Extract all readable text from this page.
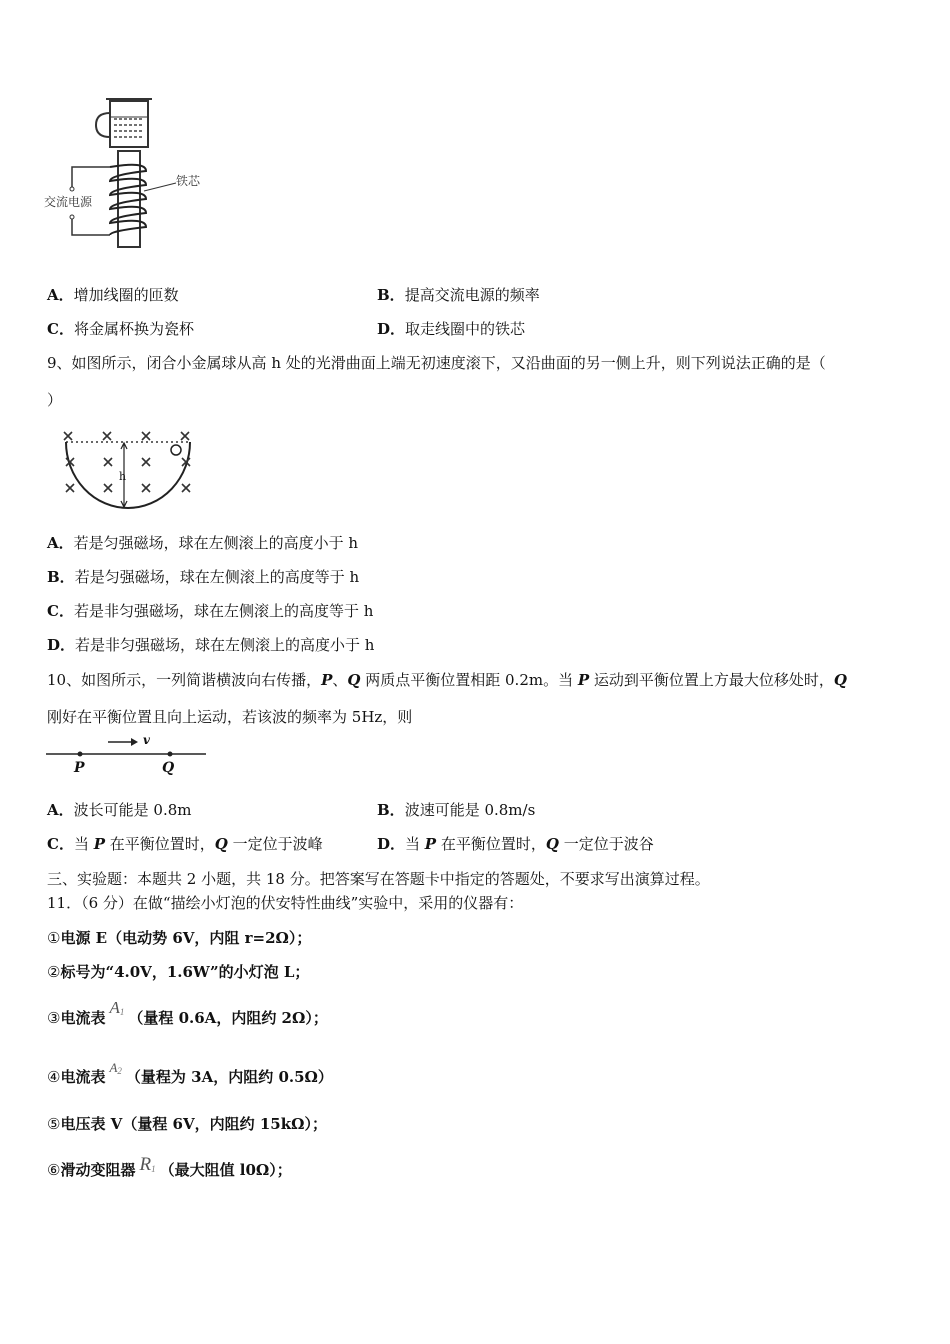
交流电源
铁芯
A．增加线圈的匝数	B．提高交流电源的频率
C．将金属杯换为瓷杯	D．取走线圈中的铁芯
9、如图所示，闭合小金属球从高 h 处的光滑曲面上端无初速度滚下，又沿曲面的另一侧上升，则下列说法正确的是（
）
h
A．若是匀强磁场，球在左侧滚上的高度小于 h
B．若是匀强磁场，球在左侧滚上的高度等于 h
C．若是非匀强磁场，球在左侧滚上的高度等于 h
D．若是非匀强磁场，球在左侧滚上的高度小于 h
10、如图所示，一列简谐横波向右传播，P、Q 两质点平衡位置相距 0.2m。当 P 运动到平衡位置上方最大位移处时，Q
刚好在平衡位置且向上运动，若该波的频率为 5Hz，则
v
P	Q
A．波长可能是 0.8m	B．波速可能是 0.8m/s
C．当 P 在平衡位置时，Q 一定位于波峰	D．当 P 在平衡位置时，Q 一定位于波谷
三、实验题：本题共 2 小题，共 18 分。把答案写在答题卡中指定的答题处，不要求写出演算过程。
11．（6 分）在做“描绘小灯泡的伏安特性曲线”实验中，采用的仪器有：
①电源 E（电动势 6V，内阻 r=2Ω）；
②标号为“4.0V，1.6W”的小灯泡 L；
③电流表$A_1$ （量程 0.6A，内阻约 2Ω）；
④电流表$A_2$ （量程为 3A，内阻约 0.5Ω）
⑤电压表 V（量程 6V，内阻约 15kΩ）；
⑥滑动变阻器 $R_1$ （最大阻值 l0Ω）；
